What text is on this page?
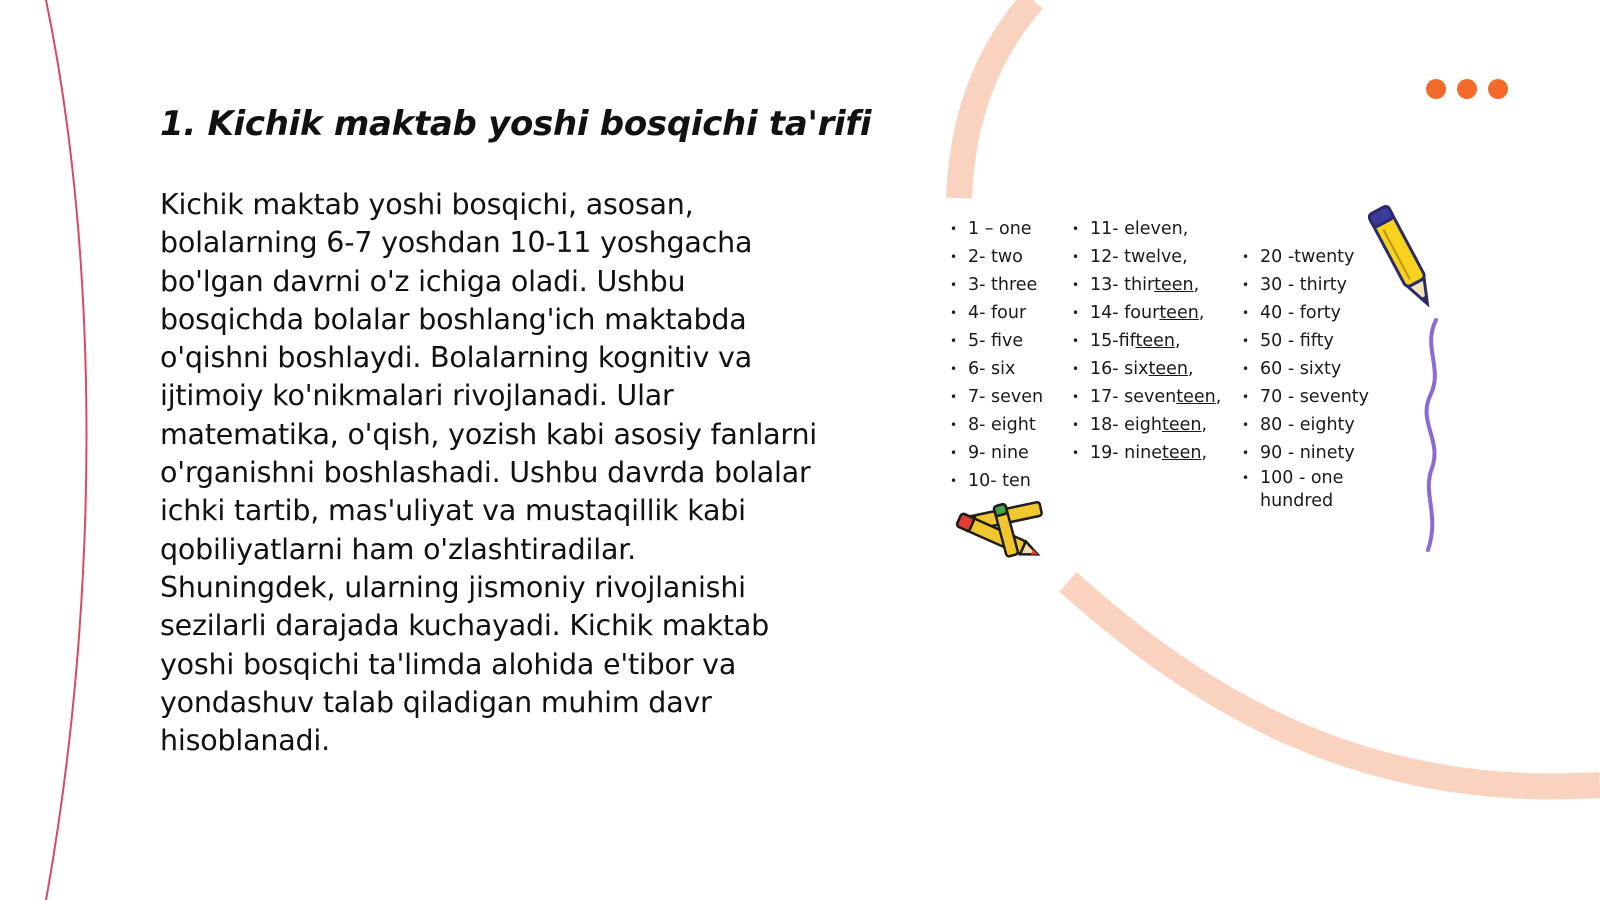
1. Kichik maktab yoshi bosqichi ta'rifi

Kichik maktab yoshi bosqichi, asosan, bolalarning 6-7 yoshdan 10-11 yoshgacha bo'lgan davrni o'z ichiga oladi. Ushbu bosqichda bolalar boshlang'ich maktabda o'qishni boshlaydi. Bolalarning kognitiv va ijtimoiy ko'nikmalari rivojlanadi. Ular matematika, o'qish, yozish kabi asosiy fanlarni o'rganishni boshlashadi. Ushbu davrda bolalar ichki tartib, mas'uliyat va mustaqillik kabi qobiliyatlarni ham o'zlashtiradilar. Shuningdek, ularning jismoniy rivojlanishi sezilarli darajada kuchayadi. Kichik maktab yoshi bosqichi ta'limda alohida e'tibor va yondashuv talab qiladigan muhim davr hisoblanadi.

• 1 – one
• 2- two
• 3- three
• 4- four
• 5- five
• 6- six
• 7- seven
• 8- eight
• 9- nine
• 10- ten
• 11- eleven,
• 12- twelve,
• 13- thirteen,
• 14- fourteen,
• 15-fifteen,
• 16- sixteen,
• 17- seventeen,
• 18- eighteen,
• 19- nineteen,
• 20 -twenty
• 30 - thirty
• 40 - forty
• 50 - fifty
• 60 - sixty
• 70 - seventy
• 80 - eighty
• 90 - ninety
• 100 - one hundred
